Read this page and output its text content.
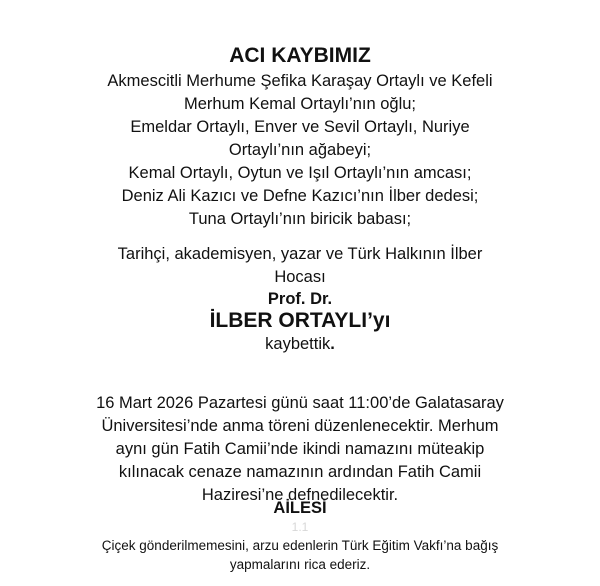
ACI KAYBIMIZ
Akmescitli Merhume Şefika Karaşay Ortaylı ve Kefeli
Merhum Kemal Ortaylı’nın oğlu;
Emeldar Ortaylı, Enver ve Sevil Ortaylı, Nuriye
Ortaylı’nın ağabeyi;
Kemal Ortaylı, Oytun ve Işıl Ortaylı’nın amcası;
Deniz Ali Kazıcı ve Defne Kazıcı’nın İlber dedesi;
Tuna Ortaylı’nın biricik babası;
Tarihçi, akademisyen, yazar ve Türk Halkının İlber
Hocası
Prof. Dr.
İLBER ORTAYLI’yı
kaybettik.
16 Mart 2026 Pazartesi günü saat 11:00’de Galatasaray
Üniversitesi’nde anma töreni düzenlenecektir. Merhum
aynı gün Fatih Camii’nde ikindi namazını müteakip
kılınacak cenaze namazının ardından Fatih Camii
Haziresi’ne defnedilecektir.
AİLESİ
1.1
Çiçek gönderilmemesini, arzu edenlerin Türk Eğitim Vakfı’na bağış
yapmalarını rica ederiz.
